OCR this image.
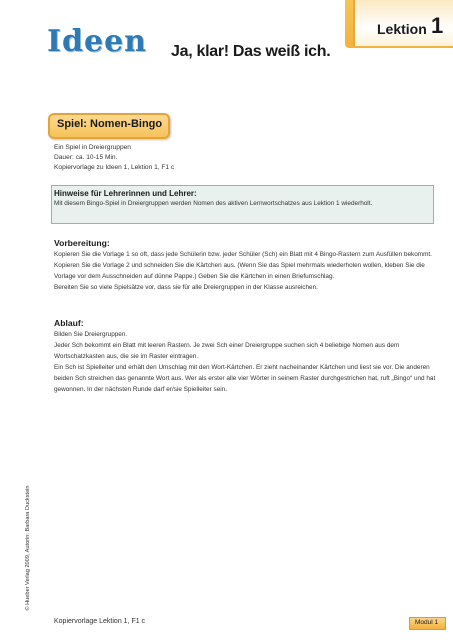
Ideen Ja, klar! Das weiß ich.
Lektion 1
Spiel: Nomen-Bingo
Ein Spiel in Dreiergruppen
Dauer: ca. 10-15 Min.
Kopiervorlage zu Ideen 1, Lektion 1, F1 c
Hinweise für Lehrerinnen und Lehrer:
Mit diesem Bingo-Spiel in Dreiergruppen werden Nomen des aktiven Lernwortschatzes aus Lektion 1 wiederholt.
Vorbereitung:

Kopieren Sie die Vorlage 1 so oft, dass jede Schülerin bzw. jeder Schüler (Sch) ein Blatt mit 4 Bingo-Rastern zum Ausfüllen bekommt.

Kopieren Sie die Vorlage 2 und schneiden Sie die Kärtchen aus. (Wenn Sie das Spiel mehrmals wiederholen wollen, kleben Sie die Vorlage vor dem Ausschneiden auf dünne Pappe.) Geben Sie die Kärtchen in einen Briefumschlag.

Bereiten Sie so viele Spielsätze vor, dass sie für alle Dreiergruppen in der Klasse ausreichen.

Ablauf:

Bilden Sie Dreiergruppen.

Jeder Sch bekommt ein Blatt mit leeren Rastern. Je zwei Sch einer Dreiergruppe suchen sich 4 beliebige Nomen aus dem Wortschatzkasten aus, die sie im Raster eintragen.

Ein Sch ist Spielleiter und erhält den Umschlag mit den Wort-Kärtchen. Er zieht nacheinander Kärtchen und liest sie vor. Die anderen beiden Sch streichen das genannte Wort aus. Wer als erster alle vier Wörter in seinem Raster durchgestrichen hat, ruft „Bingo“ und hat gewonnen. In der nächsten Runde darf er/sie Spielleiter sein.

© Hueber Verlag 2009, Autorin: Barbara Duckstein
Kopiervorlage Lektion 1, F1 c	Modul 1
